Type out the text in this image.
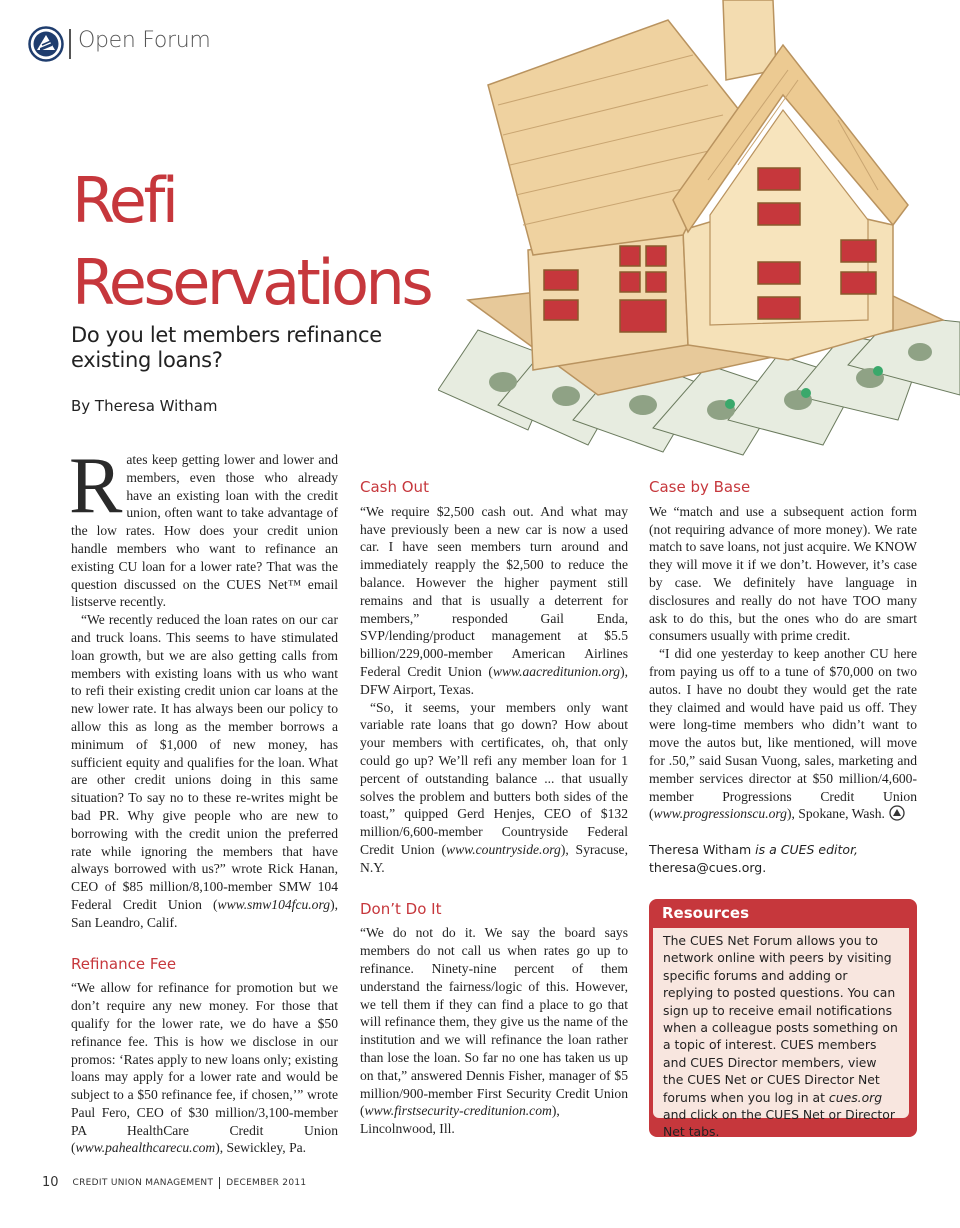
Open Forum
Refi
Reservations
Do you let members refinance existing loans?
By Theresa Witham

Rates keep getting lower and lower and members, even those who already have an existing loan with the credit union, often want to take advantage of the low rates. How does your credit union handle members who want to refinance an existing CU loan for a lower rate? That was the question discussed on the CUES Net™ email listserve recently.

“We recently reduced the loan rates on our car and truck loans. This seems to have stimulated loan growth, but we are also getting calls from members with existing loans with us who want to refi their existing credit union car loans at the new lower rate. It has always been our policy to allow this as long as the member borrows a minimum of $1,000 of new money, has sufficient equity and qualifies for the loan. What are other credit unions doing in this same situation? To say no to these re-writes might be bad PR. Why give people who are new to borrowing with the credit union the preferred rate while ignoring the members that have always borrowed with us?” wrote Rick Hanan, CEO of $85 million/8,100-member SMW 104 Federal Credit Union (www.smw104fcu.org), San Leandro, Calif.

Refinance Fee

“We allow for refinance for promotion but we don’t require any new money. For those that qualify for the lower rate, we do have a $50 refinance fee. This is how we disclose in our promos: ‘Rates apply to new loans only; existing loans may apply for a lower rate and would be subject to a $50 refinance fee, if chosen,’” wrote Paul Fero, CEO of $30 million/3,100-member PA HealthCare Credit Union (www.pahealthcarecu.com), Sewickley, Pa.

Cash Out

“We require $2,500 cash out. And what may have previously been a new car is now a used car. I have seen members turn around and immediately reapply the $2,500 to reduce the balance. However the higher payment still remains and that is usually a deterrent for members,” responded Gail Enda, SVP/lending/product management at $5.5 billion/229,000-member American Airlines Federal Credit Union (www.aacreditunion.org), DFW Airport, Texas.

“So, it seems, your members only want variable rate loans that go down? How about your members with certificates, oh, that only could go up? We’ll refi any member loan for 1 percent of outstanding balance ... that usually solves the problem and butters both sides of the toast,” quipped Gerd Henjes, CEO of $132 million/6,600-member Countryside Federal Credit Union (www.countryside.org), Syracuse, N.Y.

Don’t Do It

“We do not do it. We say the board says members do not call us when rates go up to refinance. Ninety-nine percent of them understand the fairness/logic of this. However, we tell them if they can find a place to go that will refinance them, they give us the name of the institution and we will refinance the loan rather than lose the loan. So far no one has taken us up on that,” answered Dennis Fisher, manager of $5 million/900-member First Security Credit Union (www.firstsecurity-creditunion.com), Lincolnwood, Ill.

Case by Base

We “match and use a subsequent action form (not requiring advance of more money). We rate match to save loans, not just acquire. We KNOW they will move it if we don’t. However, it’s case by case. We definitely have language in disclosures and really do not have TOO many ask to do this, but the ones who do are smart consumers usually with prime credit.

“I did one yesterday to keep another CU here from paying us off to a tune of $70,000 on two autos. I have no doubt they would get the rate they claimed and would have paid us off. They were long-time members who didn’t want to move the autos but, like mentioned, will move for .50,” said Susan Vuong, sales, marketing and member services director at $50 million/4,600-member Progressions Credit Union (www.progressionscu.org), Spokane, Wash.

Theresa Witham is a CUES editor,
theresa@cues.org.
Resources

The CUES Net Forum allows you to network online with peers by visiting specific forums and adding or replying to posted questions. You can sign up to receive email notifications when a colleague posts something on a topic of interest. CUES members and CUES Director members, view the CUES Net or CUES Director Net forums when you log in at cues.org and click on the CUES Net or Director Net tabs.

10 CREDIT UNION MANAGEMENT DECEMBER 2011
